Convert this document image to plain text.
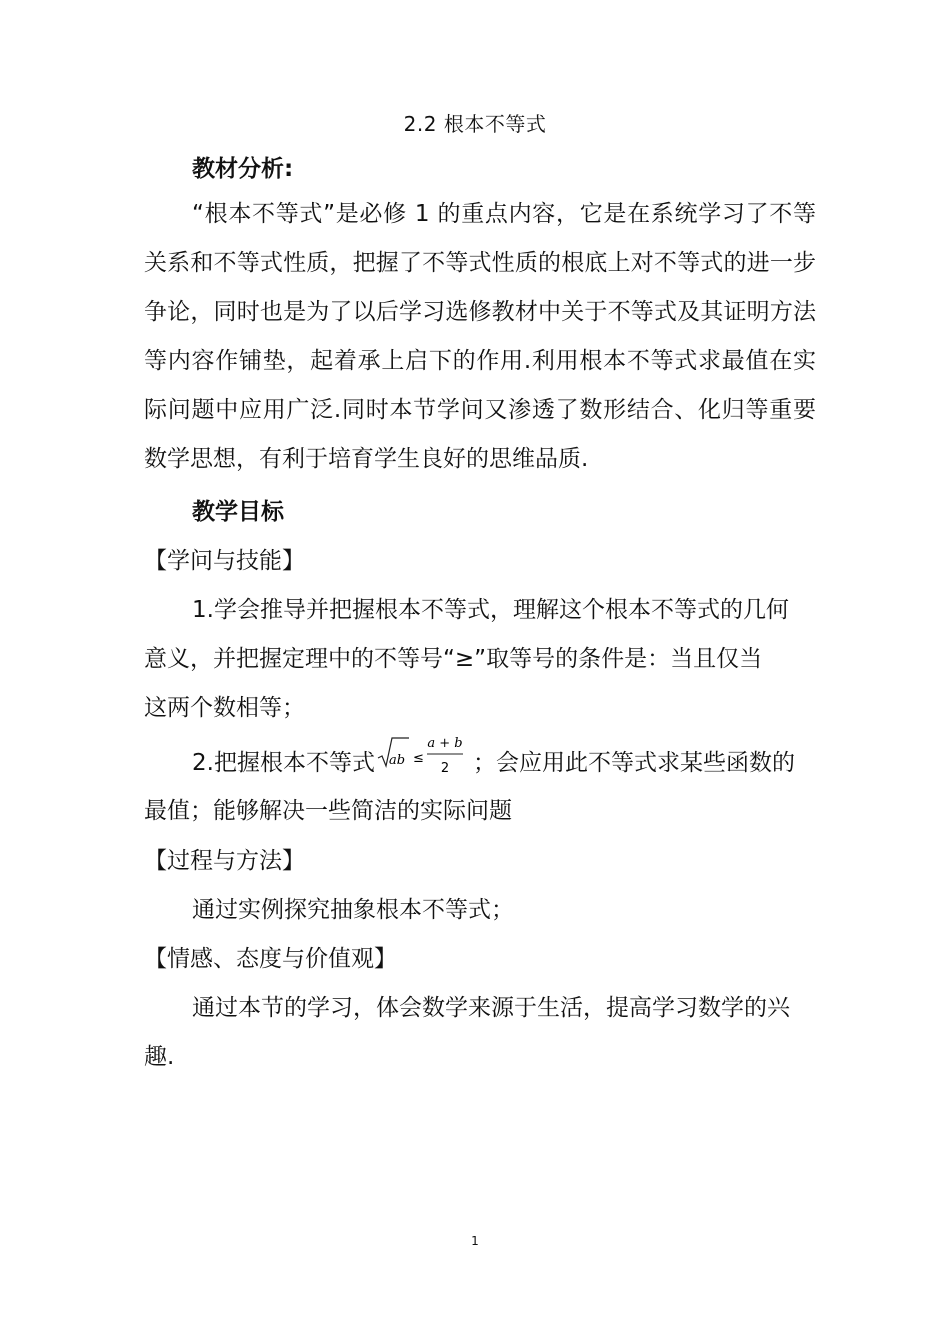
2.2 根本不等式
教材分析:
“根本不等式”是必修 1 的重点内容，它是在系统学习了不等关系和不等式性质，把握了不等式性质的根底上对不等式的进一步争论，同时也是为了以后学习选修教材中关于不等式及其证明方法等内容作铺垫，起着承上启下的作用.利用根本不等式求最值在实际问题中应用广泛.同时本节学问又渗透了数形结合、化归等重要数学思想，有利于培育学生良好的思维品质.
教学目标
【学问与技能】
1.学会推导并把握根本不等式，理解这个根本不等式的几何
意义，并把握定理中的不等号“≥”取等号的条件是：当且仅当
这两个数相等；
2.把握根本不等式 ab ≤
a + b
2 ；会应用此不等式求某些函数的
最值；能够解决一些简洁的实际问题
【过程与方法】
通过实例探究抽象根本不等式；
【情感、态度与价值观】
通过本节的学习，体会数学来源于生活，提高学习数学的兴
趣.
1
